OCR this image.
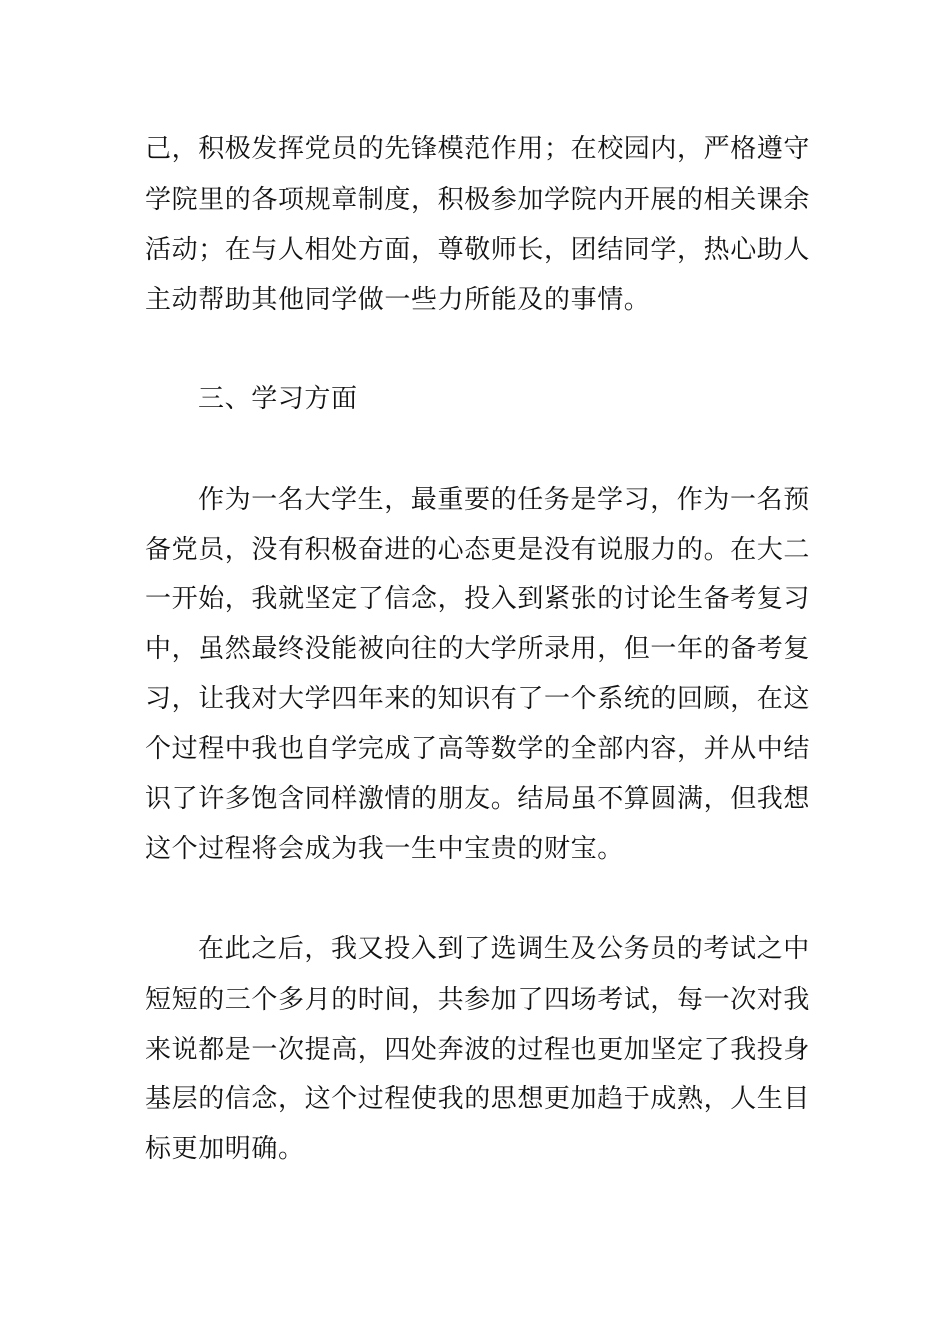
己，积极发挥党员的先锋模范作用；在校园内，严格遵守

学院里的各项规章制度，积极参加学院内开展的相关课余

活动；在与人相处方面，尊敬师长，团结同学，热心助人

主动帮助其他同学做一些力所能及的事情。

三、学习方面

作为一名大学生，最重要的任务是学习，作为一名预

备党员，没有积极奋进的心态更是没有说服力的。在大二

一开始，我就坚定了信念，投入到紧张的讨论生备考复习

中，虽然最终没能被向往的大学所录用，但一年的备考复

习，让我对大学四年来的知识有了一个系统的回顾，在这

个过程中我也自学完成了高等数学的全部内容，并从中结

识了许多饱含同样激情的朋友。结局虽不算圆满，但我想

这个过程将会成为我一生中宝贵的财宝。

在此之后，我又投入到了选调生及公务员的考试之中

短短的三个多月的时间，共参加了四场考试，每一次对我

来说都是一次提高，四处奔波的过程也更加坚定了我投身

基层的信念，这个过程使我的思想更加趋于成熟，人生目

标更加明确。
